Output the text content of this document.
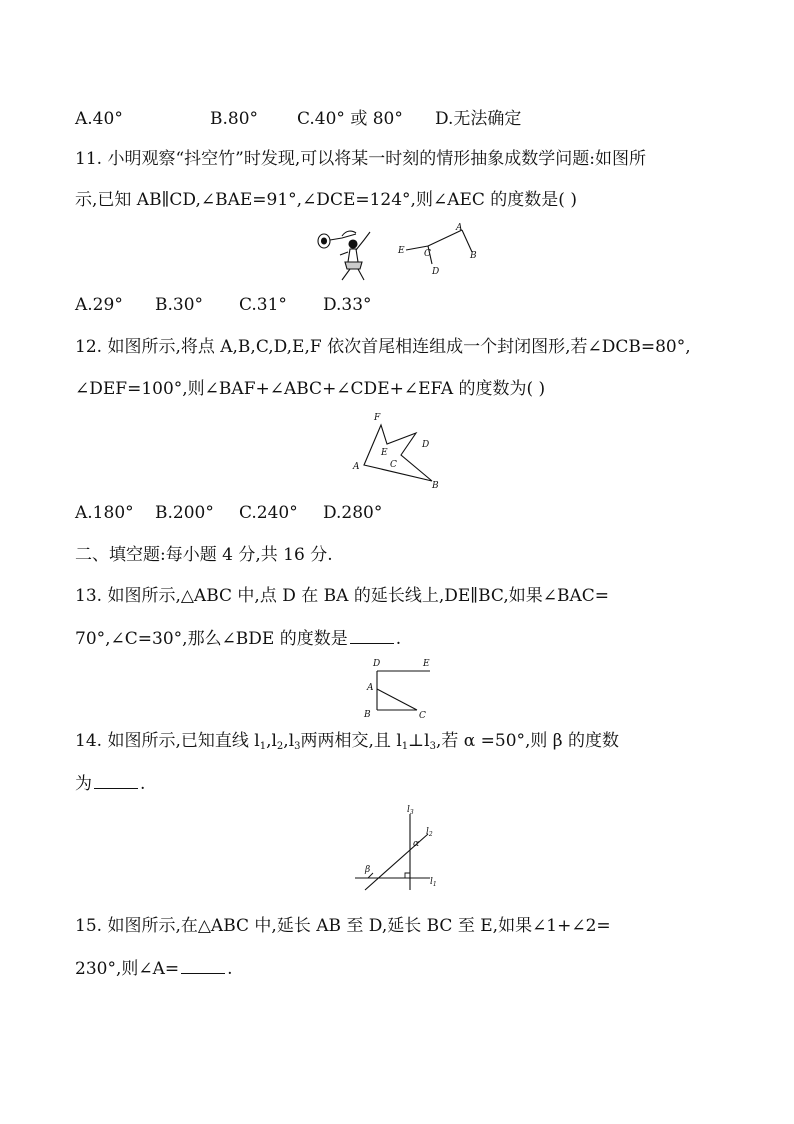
A.40°	B.80° C.40° 或 80° D.无法确定
11. 小明观察“抖空竹”时发现,可以将某一时刻的情形抽象成数学问题:如图所
示,已知 AB∥CD,∠BAE=91°,∠DCE=124°,则∠AEC 的度数是( )
A
B
C
D
E
A.29° B.30° C.31° D.33°
12. 如图所示,将点 A,B,C,D,E,F 依次首尾相连组成一个封闭图形,若∠DCB=80°,
∠DEF=100°,则∠BAF+∠ABC+∠CDE+∠EFA 的度数为( )
A
B
C
D
E
F
A.180° B.200° C.240° D.280°
二、填空题:每小题 4 分,共 16 分.
13. 如图所示,△ABC 中,点 D 在 BA 的延长线上,DE∥BC,如果∠BAC=
70°,∠C=30°,那么∠BDE 的度数是	.
D	E
A
B	C
14. 如图所示,已知直线 $l_1,l_2,l_3$两两相交,且 $l_1\perp l_3$,若 α =50°,则 β 的度数
为	.
$l_3$
$l_2$
$l_1$
α
β
15. 如图所示,在△ABC 中,延长 AB 至 D,延长 BC 至 E,如果∠1+∠2=
230°,则∠A=	.
